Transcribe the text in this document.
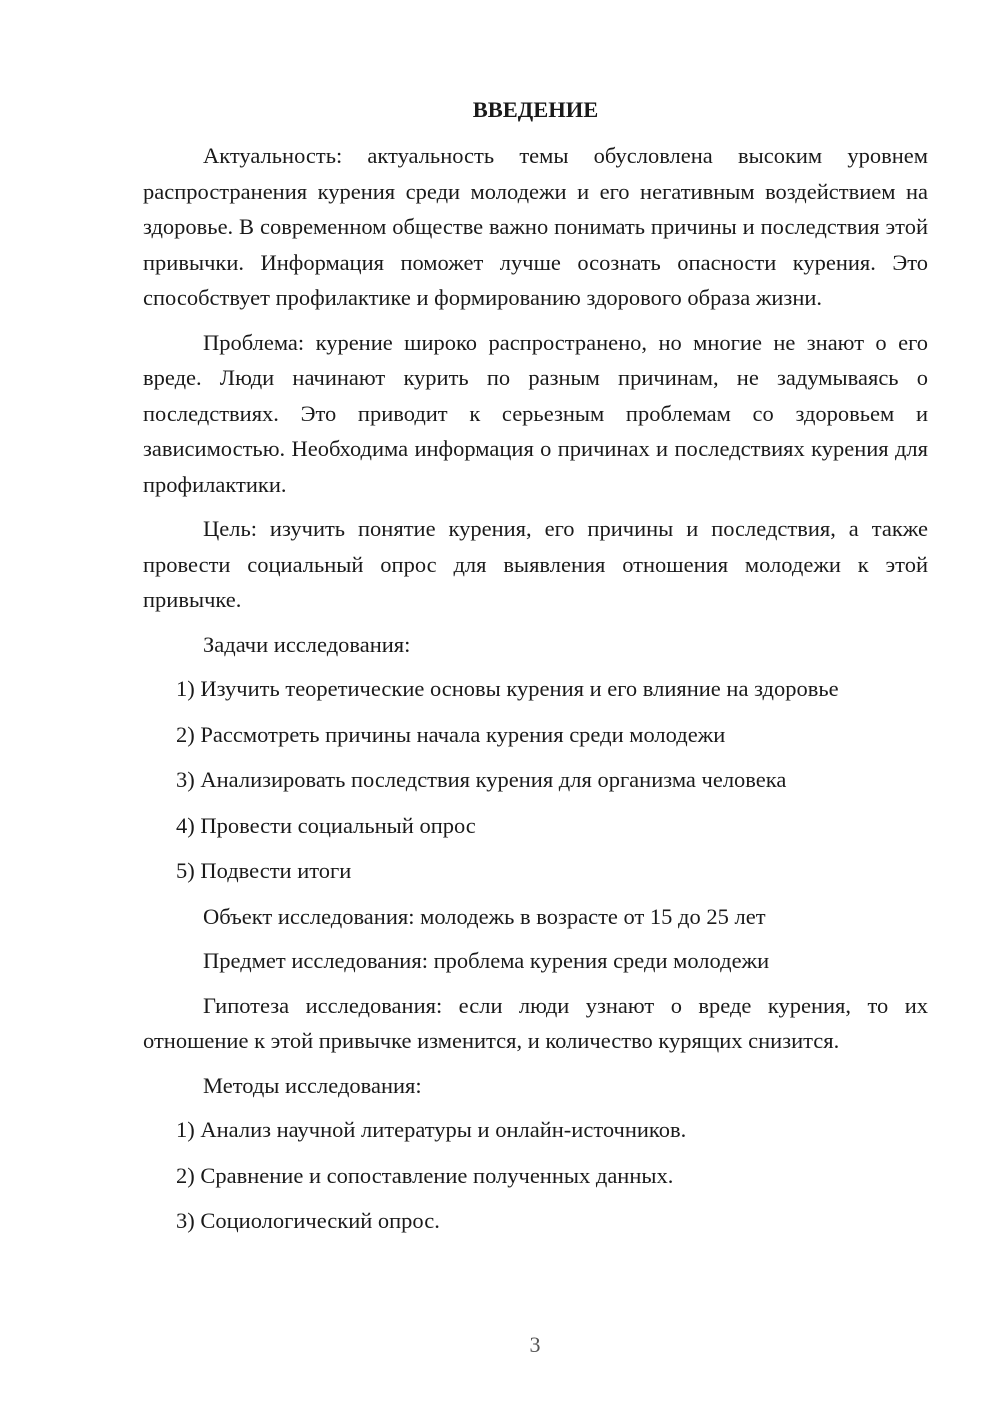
ВВЕДЕНИЕ

Актуальность: актуальность темы обусловлена высоким уровнем распространения курения среди молодежи и его негативным воздействием на здоровье. В современном обществе важно понимать причины и последствия этой привычки. Информация поможет лучше осознать опасности курения. Это способствует профилактике и формированию здорового образа жизни.

Проблема: курение широко распространено, но многие не знают о его вреде. Люди начинают курить по разным причинам, не задумываясь о последствиях. Это приводит к серьезным проблемам со здоровьем и зависимостью. Необходима информация о причинах и последствиях курения для профилактики.

Цель: изучить понятие курения, его причины и последствия, а также провести социальный опрос для выявления отношения молодежи к этой привычке.

Задачи исследования:

1) Изучить теоретические основы курения и его влияние на здоровье

2) Рассмотреть причины начала курения среди молодежи

3) Анализировать последствия курения для организма человека

4) Провести социальный опрос

5) Подвести итоги

Объект исследования: молодежь в возрасте от 15 до 25 лет

Предмет исследования: проблема курения среди молодежи

Гипотеза исследования: если люди узнают о вреде курения, то их отношение к этой привычке изменится, и количество курящих снизится.

Методы исследования:

1) Анализ научной литературы и онлайн-источников.

2) Сравнение и сопоставление полученных данных.

3) Социологический опрос.

3
